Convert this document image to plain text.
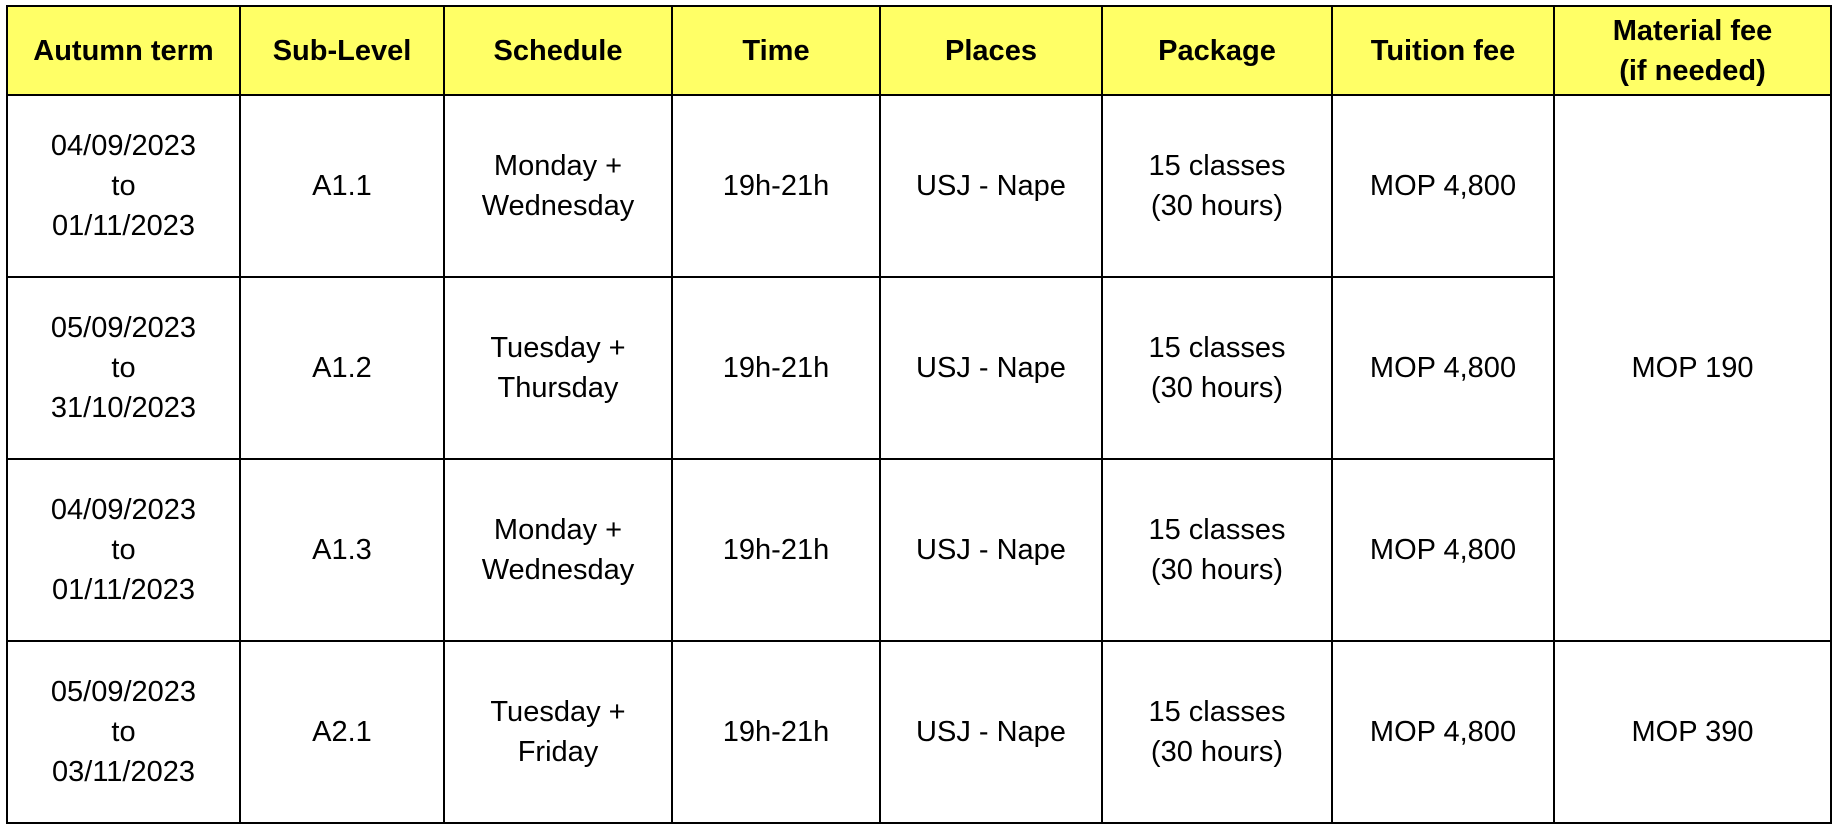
Autumn term	Sub-Level	Schedule	Time	Places	Package	Tuition fee	Material fee
(if needed)

04/09/2023
to
01/11/2023	A1.1	Monday +
Wednesday	19h-21h	USJ - Nape	15 classes
(30 hours)	MOP 4,800	MOP 190

05/09/2023
to
31/10/2023	A1.2	Tuesday +
Thursday	19h-21h	USJ - Nape	15 classes
(30 hours)	MOP 4,800	

04/09/2023
to
01/11/2023	A1.3	Monday +
Wednesday	19h-21h	USJ - Nape	15 classes
(30 hours)	MOP 4,800	

05/09/2023
to
03/11/2023	A2.1	Tuesday +
Friday	19h-21h	USJ - Nape	15 classes
(30 hours)	MOP 4,800	MOP 390
